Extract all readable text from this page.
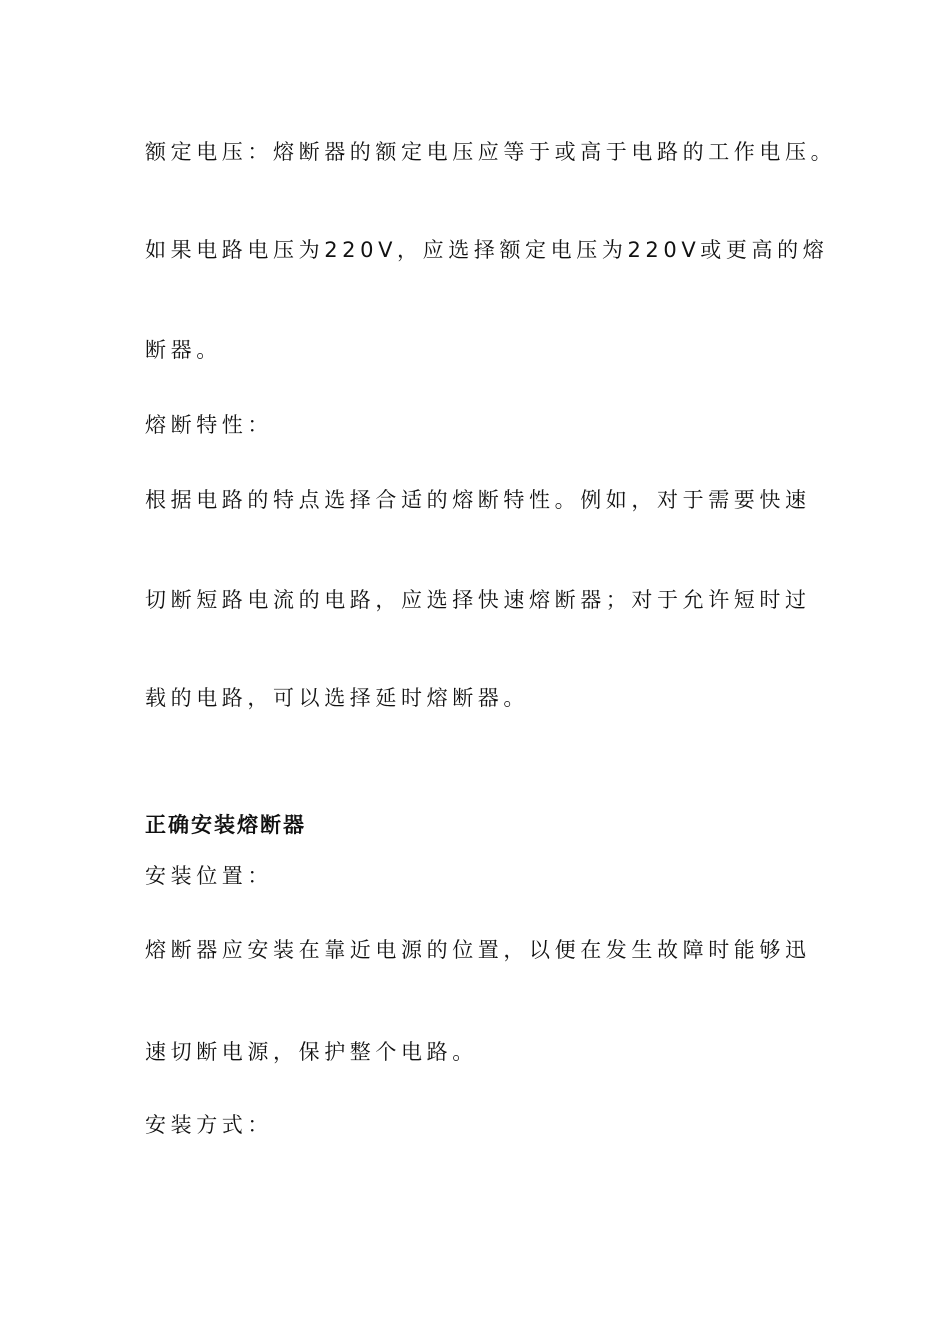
额定电压：熔断器的额定电压应等于或高于电路的工作电压。
如果电路电压为220V，应选择额定电压为220V或更高的熔
断器。
熔断特性：
根据电路的特点选择合适的熔断特性。例如，对于需要快速
切断短路电流的电路，应选择快速熔断器；对于允许短时过
载的电路，可以选择延时熔断器。
正确安装熔断器
安装位置：
熔断器应安装在靠近电源的位置，以便在发生故障时能够迅
速切断电源，保护整个电路。
安装方式：
